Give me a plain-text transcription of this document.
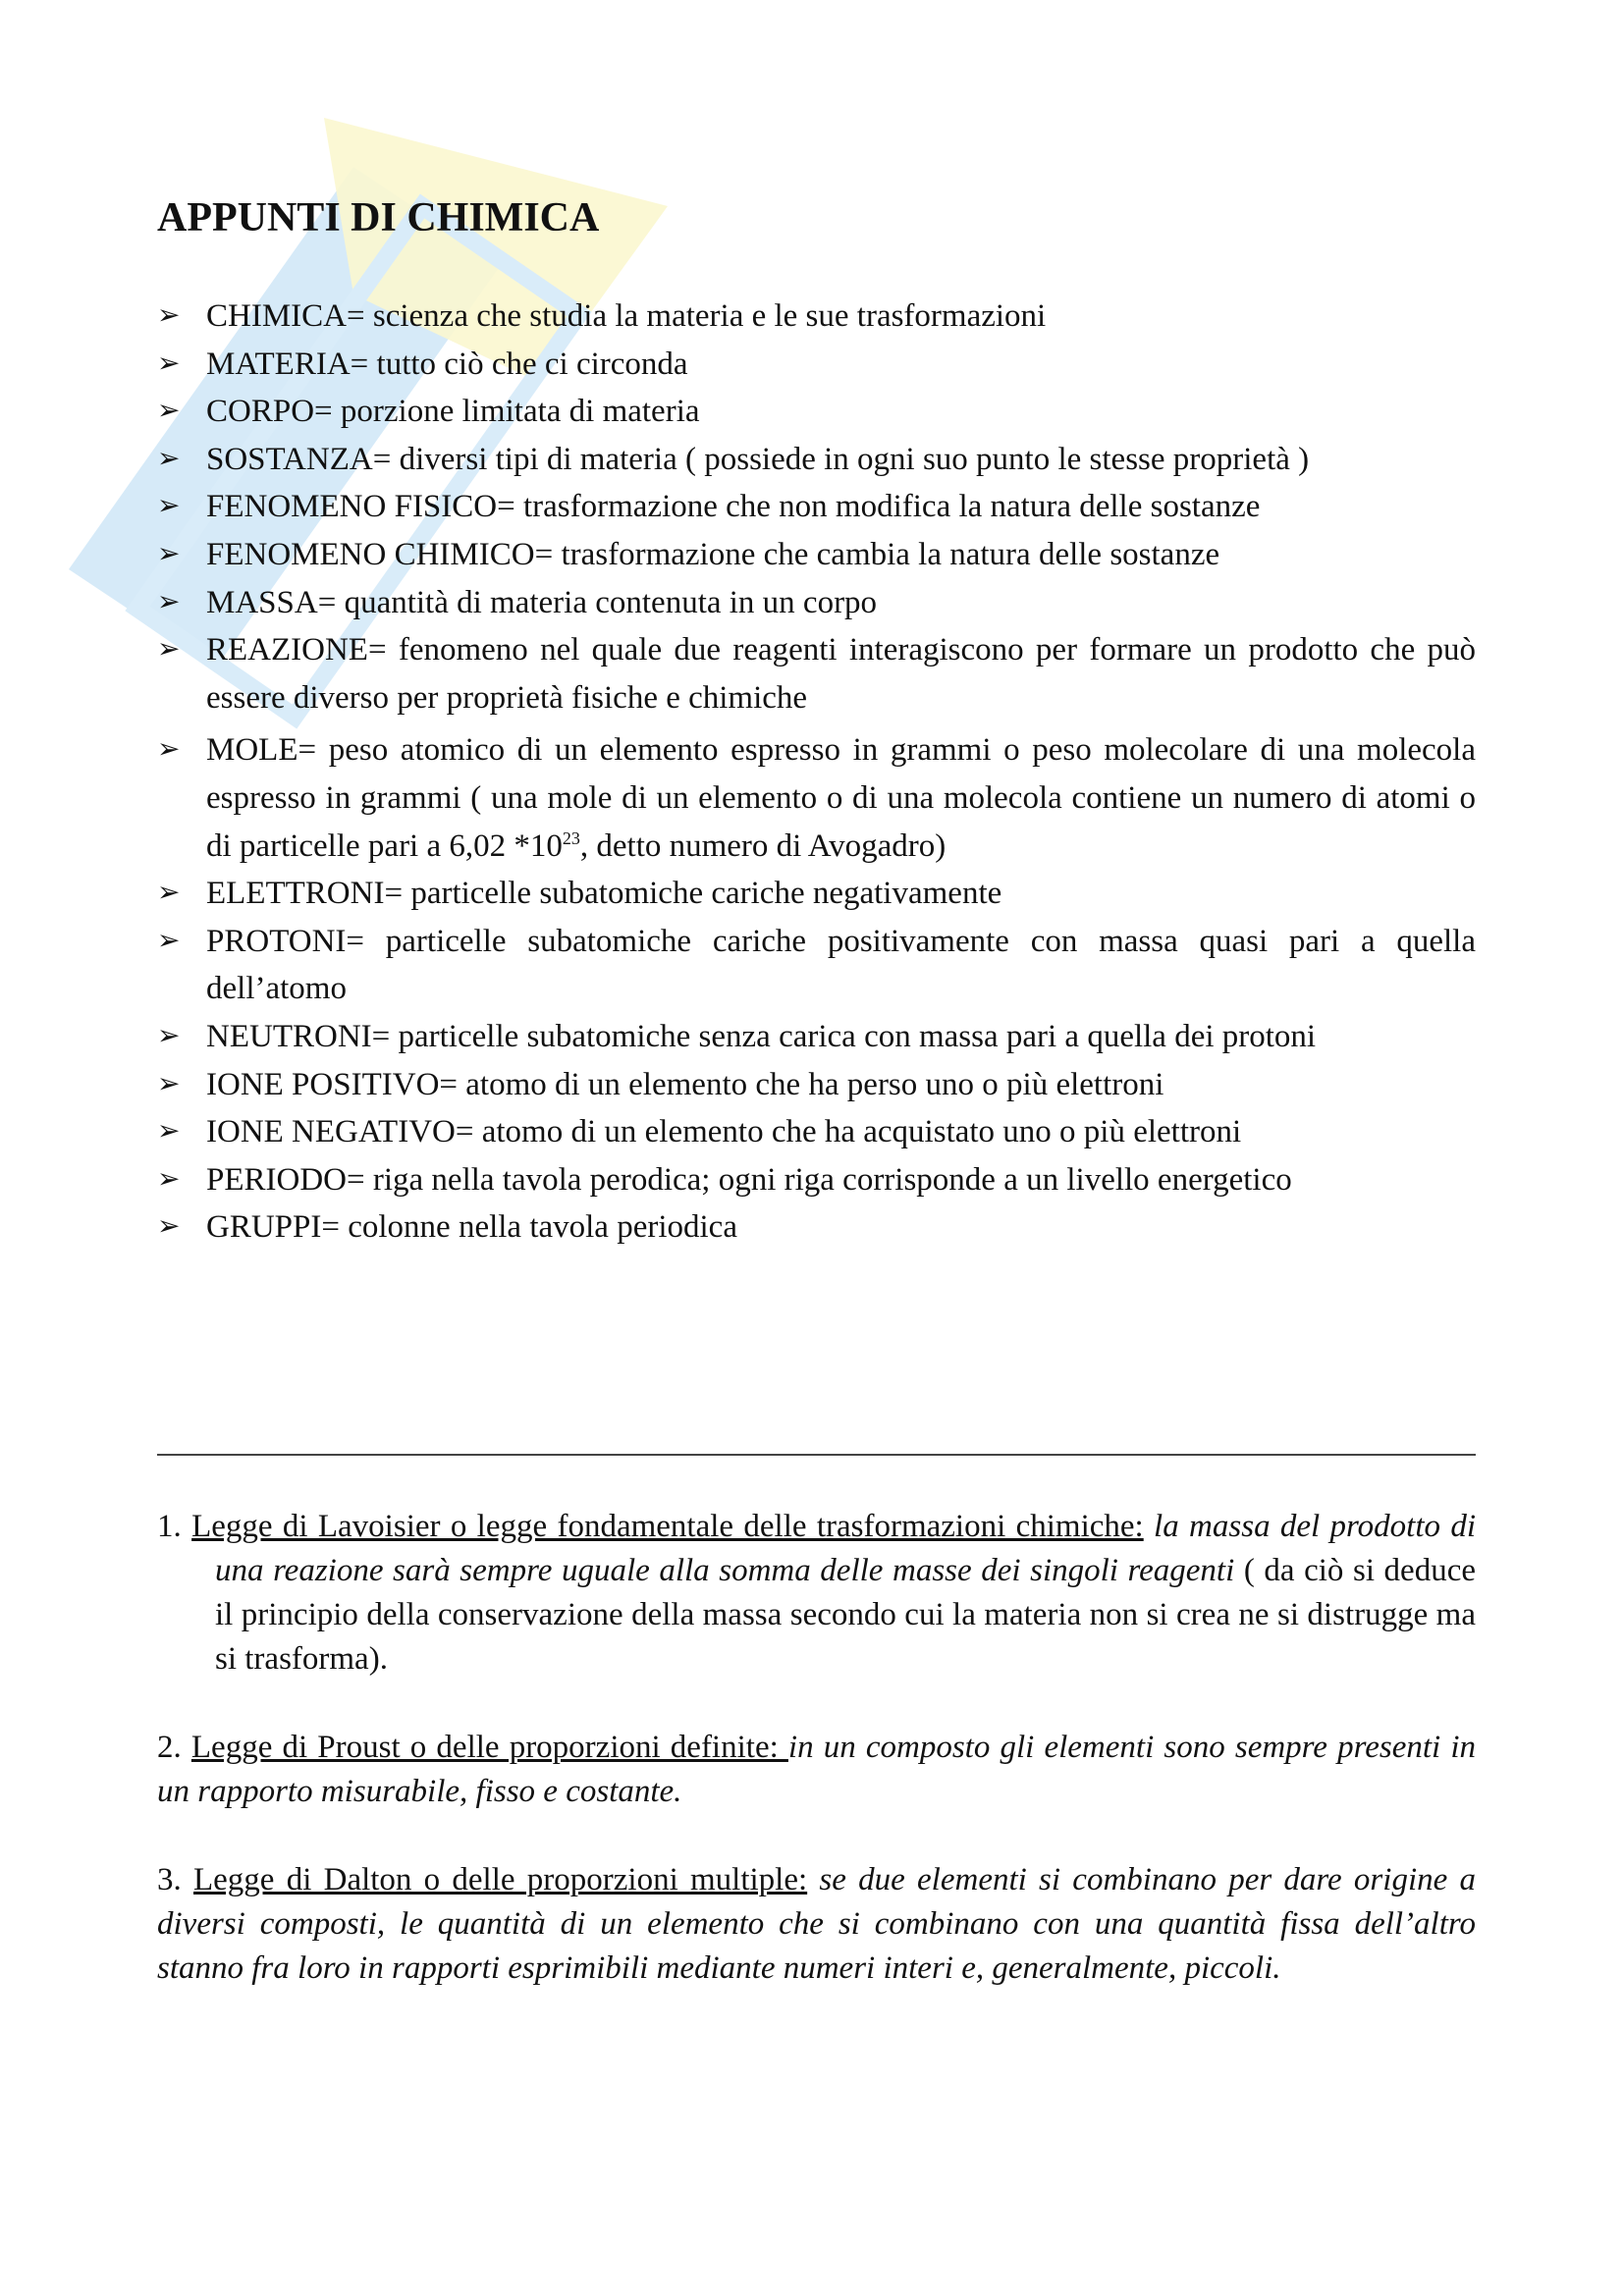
APPUNTI DI CHIMICA
➢ CHIMICA= scienza che studia la materia e le sue trasformazioni
➢ MATERIA= tutto ciò che ci circonda
➢ CORPO= porzione limitata di materia
➢ SOSTANZA= diversi tipi di materia ( possiede in ogni suo punto le stesse proprietà )
➢ FENOMENO FISICO= trasformazione che non modifica la natura delle sostanze
➢ FENOMENO CHIMICO= trasformazione che cambia la natura delle sostanze
➢ MASSA= quantità di materia contenuta in un corpo
➢ REAZIONE= fenomeno nel quale due reagenti interagiscono per formare un prodotto che può essere diverso per proprietà fisiche e chimiche
➢ MOLE= peso atomico di un elemento espresso in grammi o peso molecolare di una molecola espresso in grammi ( una mole di un elemento o di una molecola contiene un numero di atomi o di particelle pari a 6,02 $*10^{23}$, detto numero di Avogadro)
➢ ELETTRONI= particelle subatomiche cariche negativamente
➢ PROTONI= particelle subatomiche cariche positivamente con massa quasi pari a quella dell’atomo
➢ NEUTRONI= particelle subatomiche senza carica con massa pari a quella dei protoni
➢ IONE POSITIVO= atomo di un elemento che ha perso uno o più elettroni
➢ IONE NEGATIVO= atomo di un elemento che ha acquistato uno o più elettroni
➢ PERIODO= riga nella tavola perodica; ogni riga corrisponde a un livello energetico
➢ GRUPPI= colonne nella tavola periodica

1. Legge di Lavoisier o legge fondamentale delle trasformazioni chimiche: la massa del prodotto di una reazione sarà sempre uguale alla somma delle masse dei singoli reagenti ( da ciò si deduce il principio della conservazione della massa secondo cui la materia non si crea ne si distrugge ma si trasforma).

2. Legge di Proust o delle proporzioni definite: in un composto gli elementi sono sempre presenti in un rapporto misurabile, fisso e costante.

3. Legge di Dalton o delle proporzioni multiple: se due elementi si combinano per dare origine a diversi composti, le quantità di un elemento che si combinano con una quantità fissa dell’altro stanno fra loro in rapporti esprimibili mediante numeri interi e, generalmente, piccoli.
